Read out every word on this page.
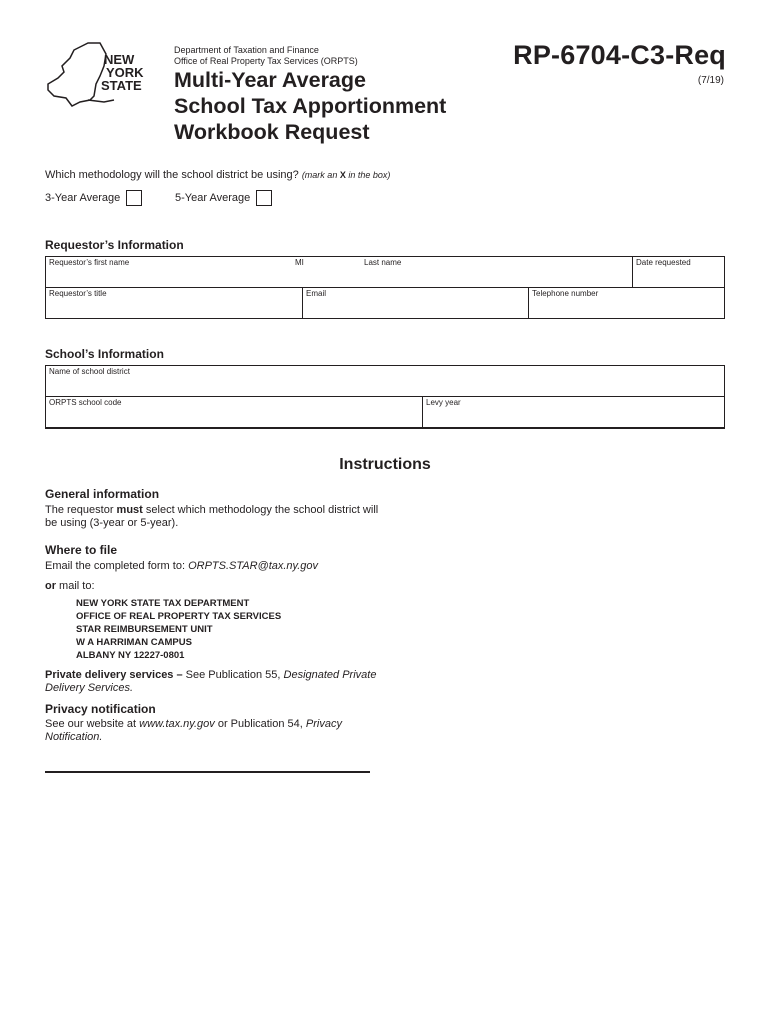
NEW
YORK
STATE
Department of Taxation and Finance
Office of Real Property Tax Services (ORPTS)
Multi-Year Average
School Tax Apportionment
Workbook Request
RP-6704-C3-Req
(7/19)
Which methodology will the school district be using? (mark an X in the box)
3-Year Average	5-Year Average
Requestor’s Information
Requestor’s first name	MI	Last name	Date requested
Requestor’s title	Email	Telephone number
School’s Information
Name of school district
ORPTS school code	Levy year
Instructions
General information
The requestor must select which methodology the school district will be using (3-year or 5-year).
Where to file
Email the completed form to: ORPTS.STAR@tax.ny.gov
or mail to:
NEW YORK STATE TAX DEPARTMENT
OFFICE OF REAL PROPERTY TAX SERVICES
STAR REIMBURSEMENT UNIT
W A HARRIMAN CAMPUS
ALBANY NY 12227-0801
Private delivery services – See Publication 55, Designated Private Delivery Services.
Privacy notification
See our website at www.tax.ny.gov or Publication 54, Privacy Notification.
